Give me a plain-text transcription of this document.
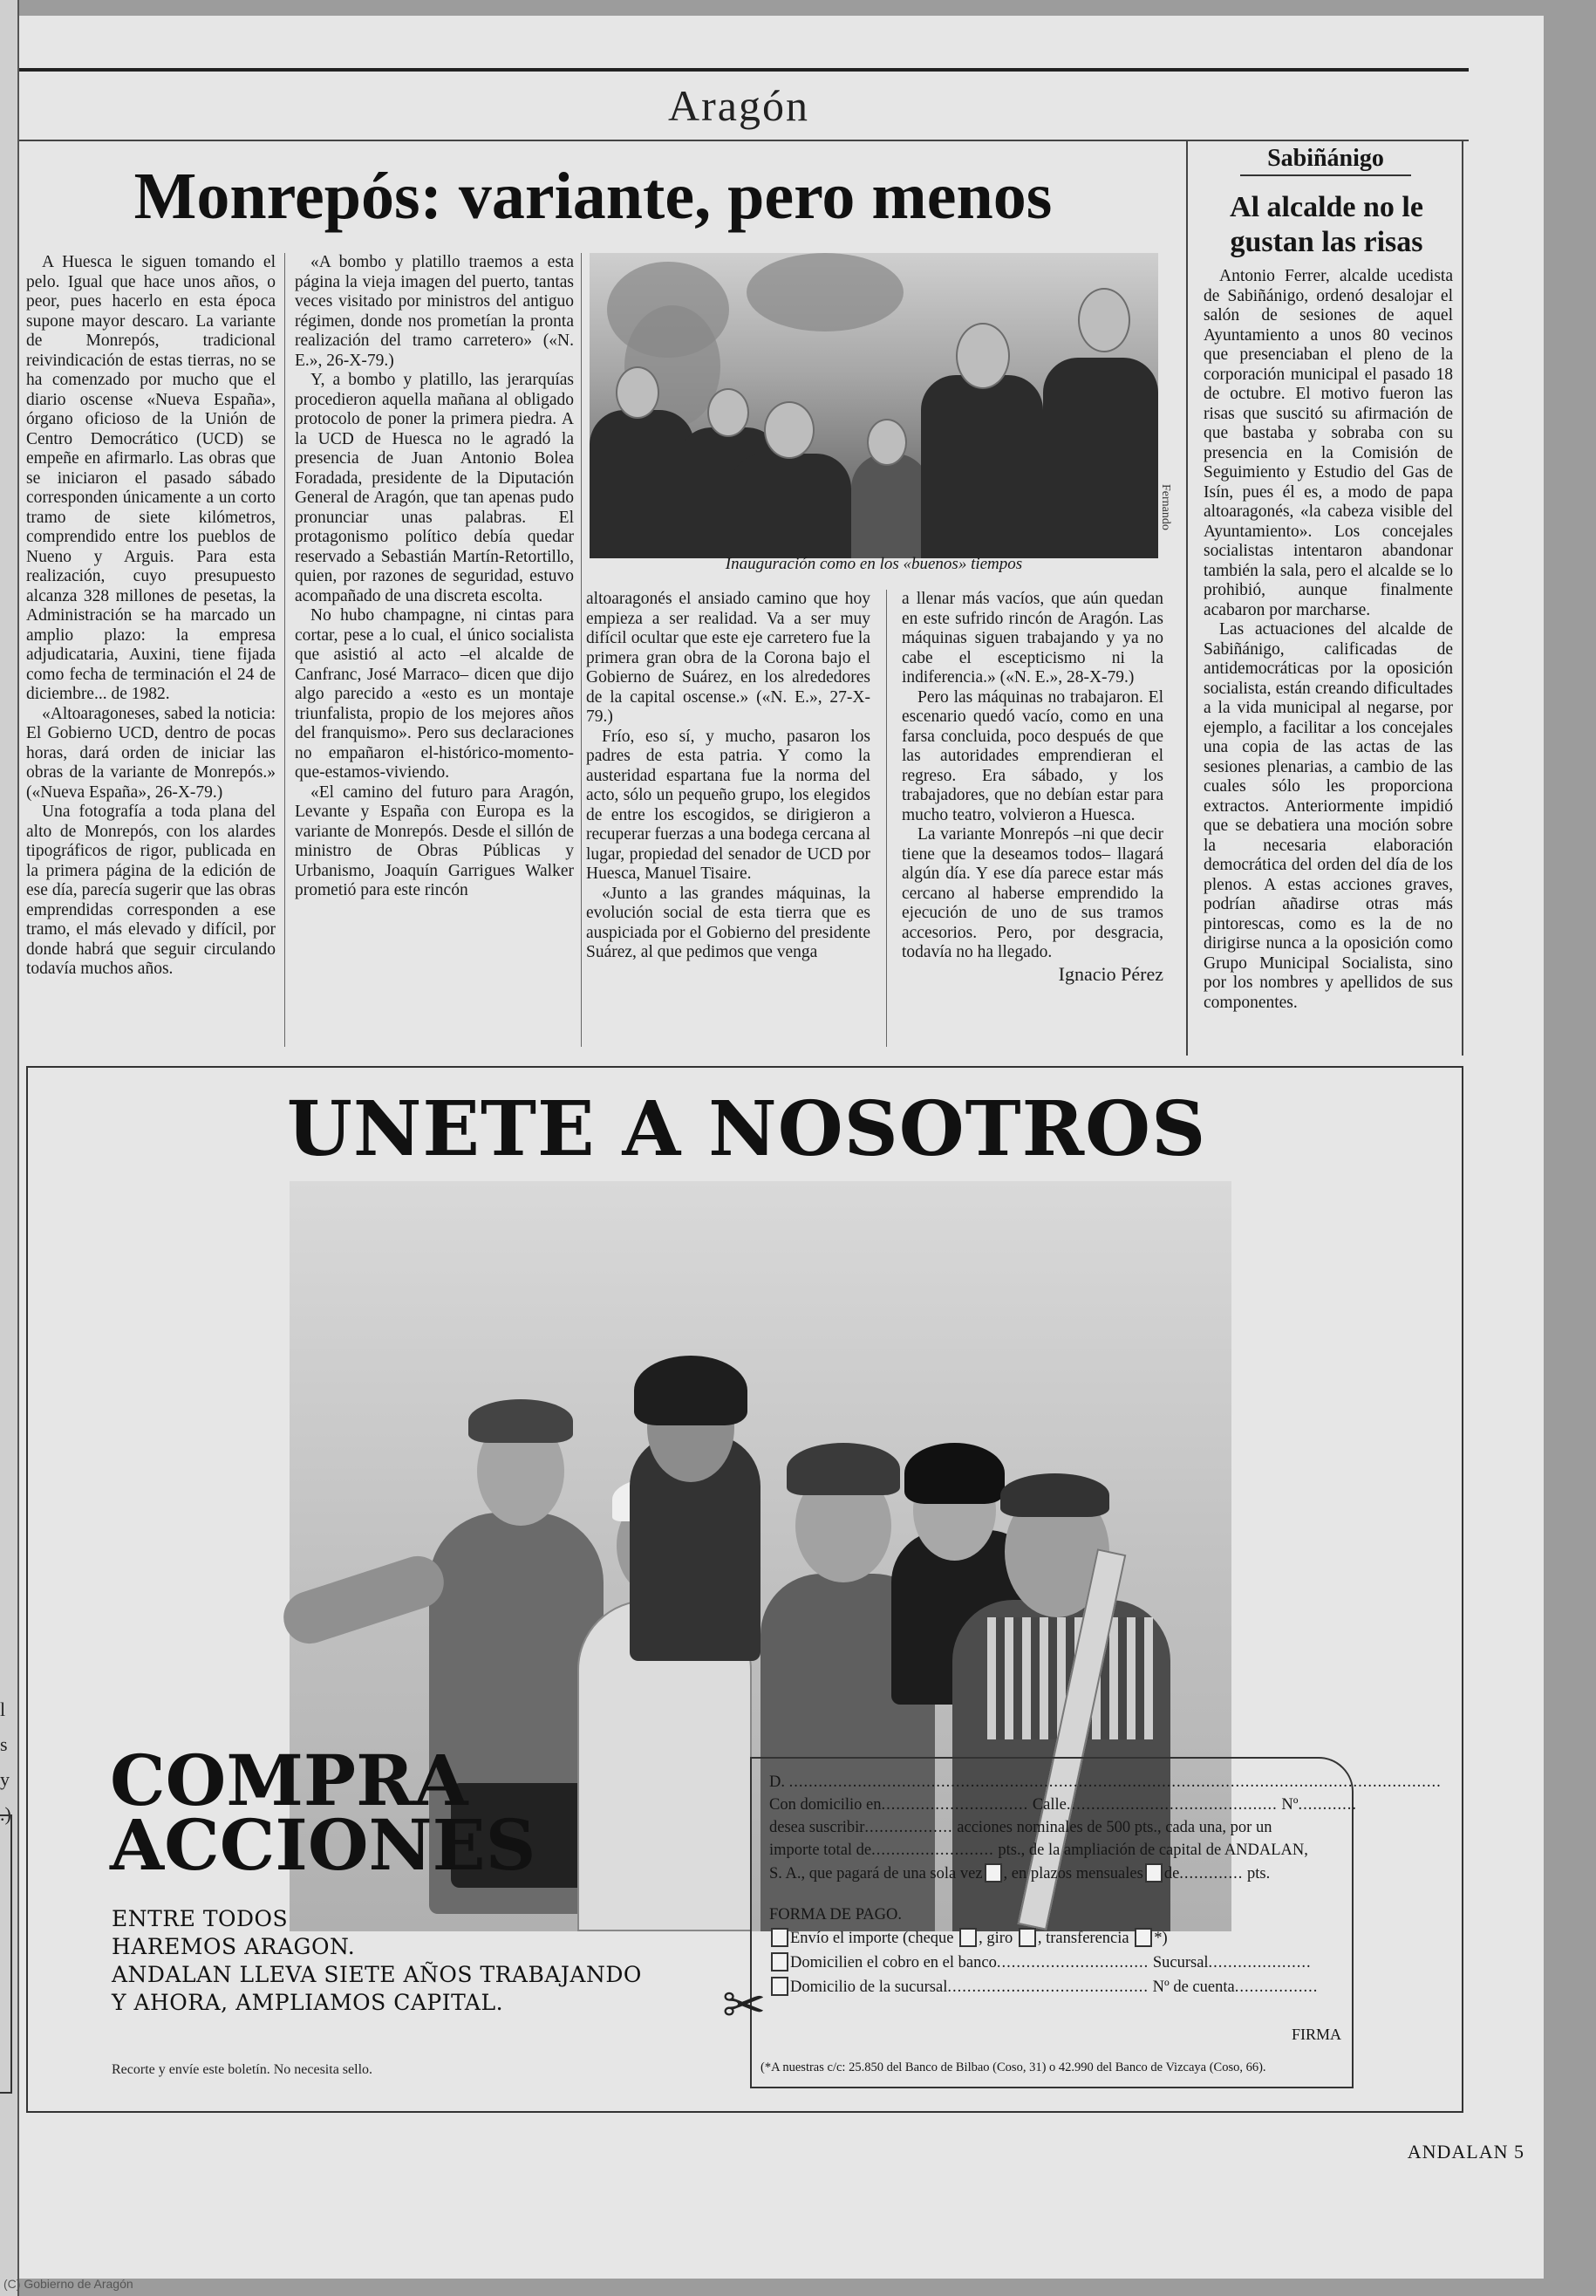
l
s
y
.)
(C) Gobierno de Aragón
Aragón
Monrepós: variante, pero menos

A Huesca le siguen tomando el pelo. Igual que hace unos años, o peor, pues hacerlo en esta época supone mayor descaro. La variante de Monrepós, tradicional reivindicación de estas tierras, no se ha comenzado por mucho que el diario oscense «Nueva España», órgano oficioso de la Unión de Centro Democrático (UCD) se empeñe en afirmarlo. Las obras que se iniciaron el pasado sábado corresponden únicamente a un corto tramo de siete kilómetros, comprendido entre los pueblos de Nueno y Arguis. Para esta realización, cuyo presupuesto alcanza 328 millones de pesetas, la Administración se ha marcado un amplio plazo: la empresa adjudicataria, Auxini, tiene fijada como fecha de terminación el 24 de diciembre... de 1982.

«Altoaragoneses, sabed la noticia: El Gobierno UCD, dentro de pocas horas, dará orden de iniciar las obras de la variante de Monrepós.» («Nueva España», 26-X-79.)

Una fotografía a toda plana del alto de Monrepós, con los alardes tipográficos de rigor, publicada en la primera página de la edición de ese día, parecía sugerir que las obras emprendidas corresponden a ese tramo, el más elevado y difícil, por donde habrá que seguir circulando todavía muchos años.

«A bombo y platillo traemos a esta página la vieja imagen del puerto, tantas veces visitado por ministros del antiguo régimen, donde nos prometían la pronta realización del tramo carretero» («N. E.», 26-X-79.)

Y, a bombo y platillo, las jerarquías procedieron aquella mañana al obligado protocolo de poner la primera piedra. A la UCD de Huesca no le agradó la presencia de Juan Antonio Bolea Foradada, presidente de la Diputación General de Aragón, que tan apenas pudo pronunciar unas palabras. El protagonismo político debía quedar reservado a Sebastián Martín-Retortillo, quien, por razones de seguridad, estuvo acompañado de una discreta escolta.

No hubo champagne, ni cintas para cortar, pese a lo cual, el único socialista que asistió al acto –el alcalde de Canfranc, José Marraco– dicen que dijo algo parecido a «esto es un montaje triunfalista, propio de los mejores años del franquismo». Pero sus declaraciones no empañaron el-histórico-momento-que-estamos-viviendo.

«El camino del futuro para Aragón, Levante y España con Europa es la variante de Monrepós. Desde el sillón de ministro de Obras Públicas y Urbanismo, Joaquín Garrigues Walker prometió para este rincón

Fernando
Inauguración como en los «buenos» tiempos

altoaragonés el ansiado camino que hoy empieza a ser realidad. Va a ser muy difícil ocultar que este eje carretero fue la primera gran obra de la Corona bajo el Gobierno de Suárez, en los alrededores de la capital oscense.» («N. E.», 27-X-79.)

Frío, eso sí, y mucho, pasaron los padres de esta patria. Y como la austeridad espartana fue la norma del acto, sólo un pequeño grupo, los elegidos de entre los escogidos, se dirigieron a recuperar fuerzas a una bodega cercana al lugar, propiedad del senador de UCD por Huesca, Manuel Tisaire.

«Junto a las grandes máquinas, la evolución social de esta tierra que es auspiciada por el Gobierno del presidente Suárez, al que pedimos que venga

a llenar más vacíos, que aún quedan en este sufrido rincón de Aragón. Las máquinas siguen trabajando y ya no cabe el escepticismo ni la indiferencia.» («N. E.», 28-X-79.)

Pero las máquinas no trabajaron. El escenario quedó vacío, como en una farsa concluida, poco después de que las autoridades emprendieran el regreso. Era sábado, y los trabajadores, que no debían estar para mucho teatro, volvieron a Huesca.

La variante Monrepós –ni que decir tiene que la deseamos todos– llagará algún día. Y ese día parece estar más cercano al haberse emprendido la ejecución de uno de sus tramos accesorios. Pero, por desgracia, todavía no ha llegado.

Ignacio Pérez
Sabiñánigo
Al alcalde no le gustan las risas

Antonio Ferrer, alcalde ucedista de Sabiñánigo, ordenó desalojar el salón de sesiones de aquel Ayuntamiento a unos 80 vecinos que presenciaban el pleno de la corporación municipal el pasado 18 de octubre. El motivo fueron las risas que suscitó su afirmación de que bastaba y sobraba con su presencia en la Comisión de Seguimiento y Estudio del Gas de Isín, pues él es, a modo de papa altoaragonés, «la cabeza visible del Ayuntamiento». Los concejales socialistas intentaron abandonar también la sala, pero el alcalde se lo prohibió, aunque finalmente acabaron por marcharse.

Las actuaciones del alcalde de Sabiñánigo, calificadas de antidemocráticas por la oposición socialista, están creando dificultades a la vida municipal al negarse, por ejemplo, a facilitar a los concejales una copia de las actas de las sesiones plenarias, a cambio de las cuales sólo les proporciona extractos. Anteriormente impidió que se debatiera una moción sobre la necesaria elaboración democrática del orden del día de los plenos. A estas acciones graves, podrían añadirse otras más pintorescas, como es la de no dirigirse nunca a la oposición como Grupo Municipal Socialista, sino por los nombres y apellidos de sus componentes.

UNETE A NOSOTROS
COMPRA
ACCIONES
ENTRE TODOS
HAREMOS ARAGON.
ANDALAN LLEVA SIETE AÑOS TRABAJANDO
Y AHORA, AMPLIAMOS CAPITAL.
Recorte y envíe este boletín. No necesita sello.
D. .....................................................................................................................................
Con domicilio en.............................. Calle........................................... Nº............
desea suscribir.................. acciones nominales de 500 pts., cada una, por un
importe total de......................... pts., de la ampliación de capital de ANDALAN,
S. A., que pagará de una sola vez , en plazos mensuales de............. pts.
FORMA DE PAGO.
Envío el importe (cheque , giro , transferencia *)
Domicilien el cobro en el banco............................... Sucursal.....................
Domicilio de la sucursal......................................... Nº de cuenta.................
FIRMA
(*A nuestras c/c: 25.850 del Banco de Bilbao (Coso, 31) o 42.990 del Banco de Vizcaya (Coso, 66).
✂
ANDALAN 5
